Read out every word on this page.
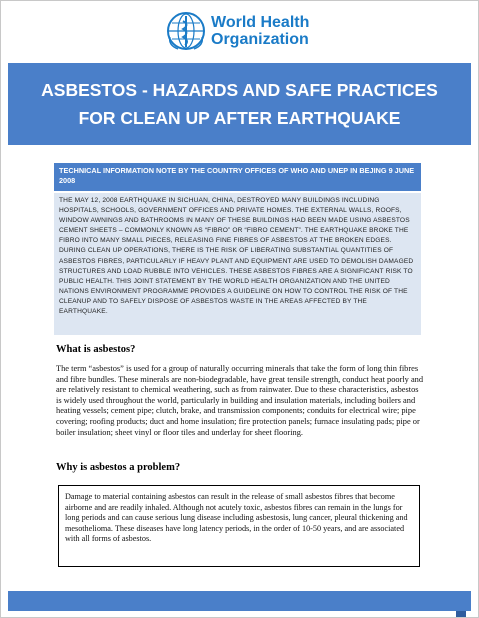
World Health
Organization
ASBESTOS - HAZARDS AND SAFE PRACTICES FOR CLEAN UP AFTER EARTHQUAKE
TECHNICAL INFORMATION NOTE BY THE COUNTRY OFFICES OF WHO AND UNEP IN BEJING 9 JUNE 2008
THE MAY 12, 2008 EARTHQUAKE IN SICHUAN, CHINA, DESTROYED MANY BUILDINGS INCLUDING HOSPITALS, SCHOOLS, GOVERNMENT OFFICES AND PRIVATE HOMES. THE EXTERNAL WALLS, ROOFS, WINDOW AWNINGS AND BATHROOMS IN MANY OF THESE BUILDINGS HAD BEEN MADE USING ASBESTOS CEMENT SHEETS – COMMONLY KNOWN AS “FIBRO” OR “FIBRO CEMENT”. THE EARTHQUAKE BROKE THE FIBRO INTO MANY SMALL PIECES, RELEASING FINE FIBRES OF ASBESTOS AT THE BROKEN EDGES. DURING CLEAN UP OPERATIONS, THERE IS THE RISK OF LIBERATING SUBSTANTIAL QUANTITIES OF ASBESTOS FIBRES, PARTICULARLY IF HEAVY PLANT AND EQUIPMENT ARE USED TO DEMOLISH DAMAGED STRUCTURES AND LOAD RUBBLE INTO VEHICLES. THESE ASBESTOS FIBRES ARE A SIGNIFICANT RISK TO PUBLIC HEALTH. THIS JOINT STATEMENT BY THE WORLD HEALTH ORGANIZATION AND THE UNITED NATIONS ENVIRONMENT PROGRAMME PROVIDES A GUIDELINE ON HOW TO CONTROL THE RISK OF THE CLEANUP AND TO SAFELY DISPOSE OF ASBESTOS WASTE IN THE AREAS AFFECTED BY THE EARTHQUAKE.
What is asbestos?
The term “asbestos” is used for a group of naturally occurring minerals that take the form of long thin fibres and fibre bundles. These minerals are non-biodegradable, have great tensile strength, conduct heat poorly and are relatively resistant to chemical weathering, such as from rainwater. Due to these characteristics, asbestos is widely used throughout the world, particularly in building and insulation materials, including boilers and heating vessels; cement pipe; clutch, brake, and transmission components; conduits for electrical wire; pipe covering; roofing products; duct and home insulation; fire protection panels; furnace insulating pads; pipe or boiler insulation; sheet vinyl or floor tiles and underlay for sheet flooring.
Why is asbestos a problem?
Damage to material containing asbestos can result in the release of small asbestos fibres that become airborne and are readily inhaled. Although not acutely toxic, asbestos fibres can remain in the lungs for long periods and can cause serious lung disease including asbestosis, lung cancer, pleural thickening and mesothelioma. These diseases have long latency periods, in the order of 10-50 years, and are associated with all forms of asbestos.
